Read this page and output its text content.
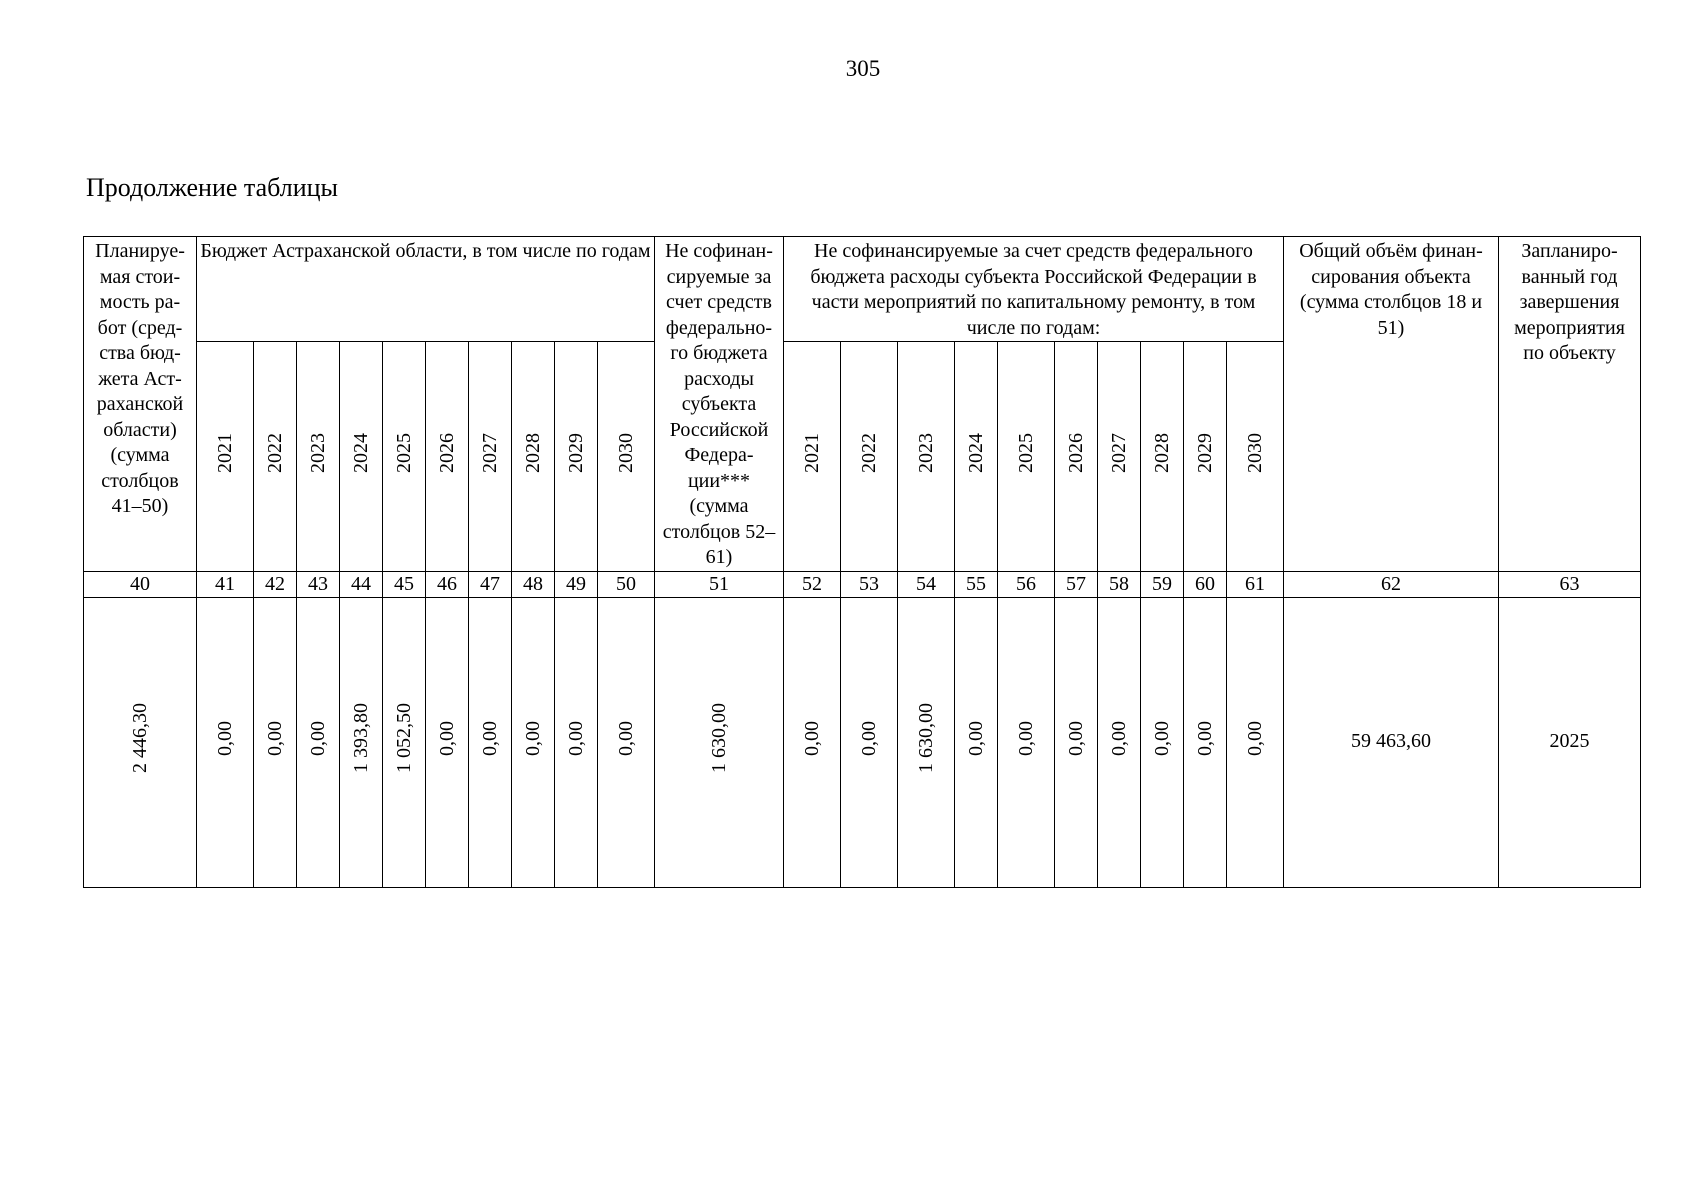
305
Продолжение таблицы
Планируе-мая стои-мость ра-бот (сред-ства бюд-жета Аст-раханской области) (сумма столбцов 41–50)	Бюджет Астраханской области, в том числе по годам										Не софинан-сируемые за счет средств федерально-го бюджета расходы субъекта Российской Федера-ции*** (сумма столбцов 52–61)	Не софинансируемые за счет средств федерального бюджета расходы субъекта Российской Федерации в части мероприятий по капитальному ремонту, в том числе по годам:										Общий объём финан-сирования объекта (сумма столбцов 18 и 51)	Запланиро-ванный год завершения мероприятия по объекту
	2021	2022	2023	2024	2025	2026	2027	2028	2029	2030		2021	2022	2023	2024	2025	2026	2027	2028	2029	2030		
40	41	42	43	44	45	46	47	48	49	50	51	52	53	54	55	56	57	58	59	60	61	62	63
2 446,30	0,00	0,00	0,00	1 393,80	1 052,50	0,00	0,00	0,00	0,00	0,00	1 630,00	0,00	0,00	1 630,00	0,00	0,00	0,00	0,00	0,00	0,00	0,00	59 463,60	2025
